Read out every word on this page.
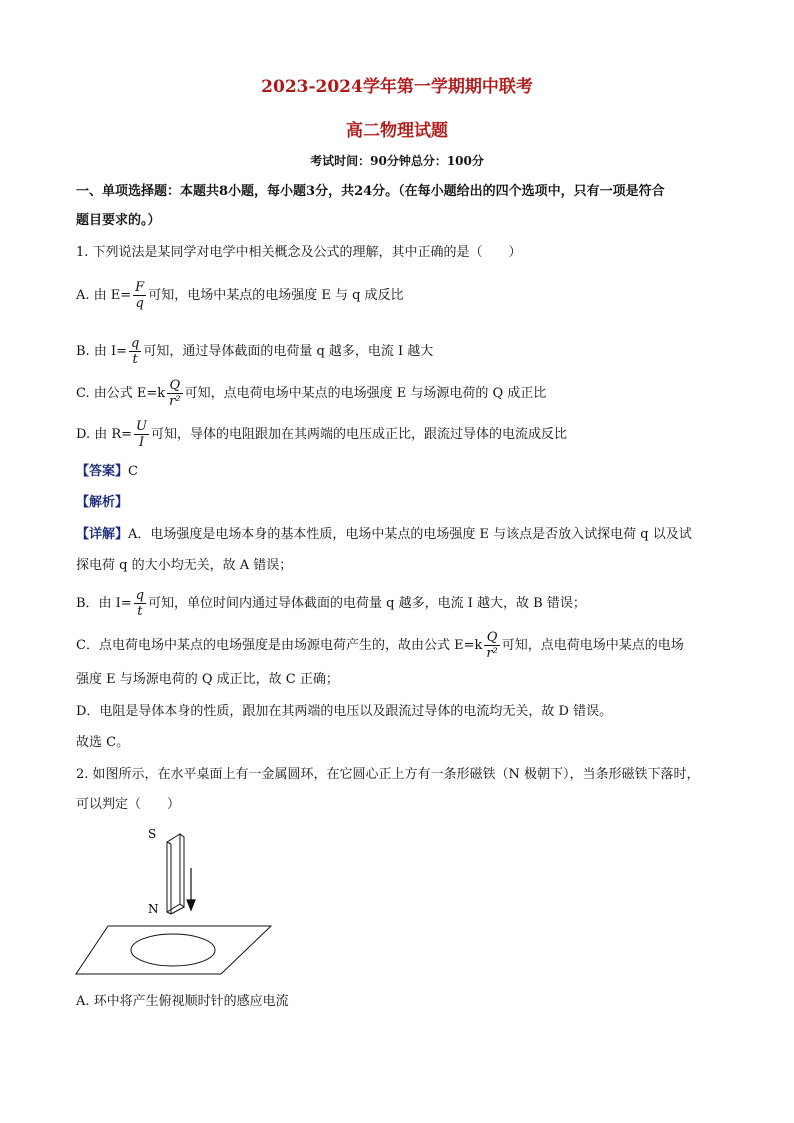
2023-2024学年第一学期期中联考
高二物理试题
考试时间：90分钟总分：100分
一、单项选择题：本题共8小题，每小题3分，共24分。（在每小题给出的四个选项中，只有一项是符合
题目要求的。）
1. 下列说法是某同学对电学中相关概念及公式的理解，其中正确的是（　　）
A. 由 $E= \frac{F}{q}$ 可知，电场中某点的电场强度 E 与 q 成反比
B. 由 $I= \frac{q}{t}$ 可知，通过导体截面的电荷量 q 越多，电流 I 越大
C. 由公式 $E=k \frac{Q}{\text{r²}}$ 可知，点电荷电场中某点的电场强度 E 与场源电荷的 Q 成正比
D. 由 $R= \frac{U}{I}$ 可知，导体的电阻跟加在其两端的电压成正比，跟流过导体的电流成反比
【答案】C
【解析】
【详解】A．电场强度是电场本身的基本性质，电场中某点的电场强度 E 与该点是否放入试探电荷 q 以及试
探电荷 q 的大小均无关，故 A 错误；
B．由 $I= \frac{q}{t}$ 可知，单位时间内通过导体截面的电荷量 q 越多，电流 I 越大，故 B 错误；
C．点电荷电场中某点的电场强度是由场源电荷产生的，故由公式 $E=k \frac{Q}{\text{r²}}$ 可知，点电荷电场中某点的电场
强度 E 与场源电荷的 Q 成正比，故 C 正确；
D．电阻是导体本身的性质，跟加在其两端的电压以及跟流过导体的电流均无关，故 D 错误。
故选 C。
2. 如图所示，在水平桌面上有一金属圆环，在它圆心正上方有一条形磁铁（N 极朝下），当条形磁铁下落时，
可以判定（　　）
S
N
A. 环中将产生俯视顺时针的感应电流
